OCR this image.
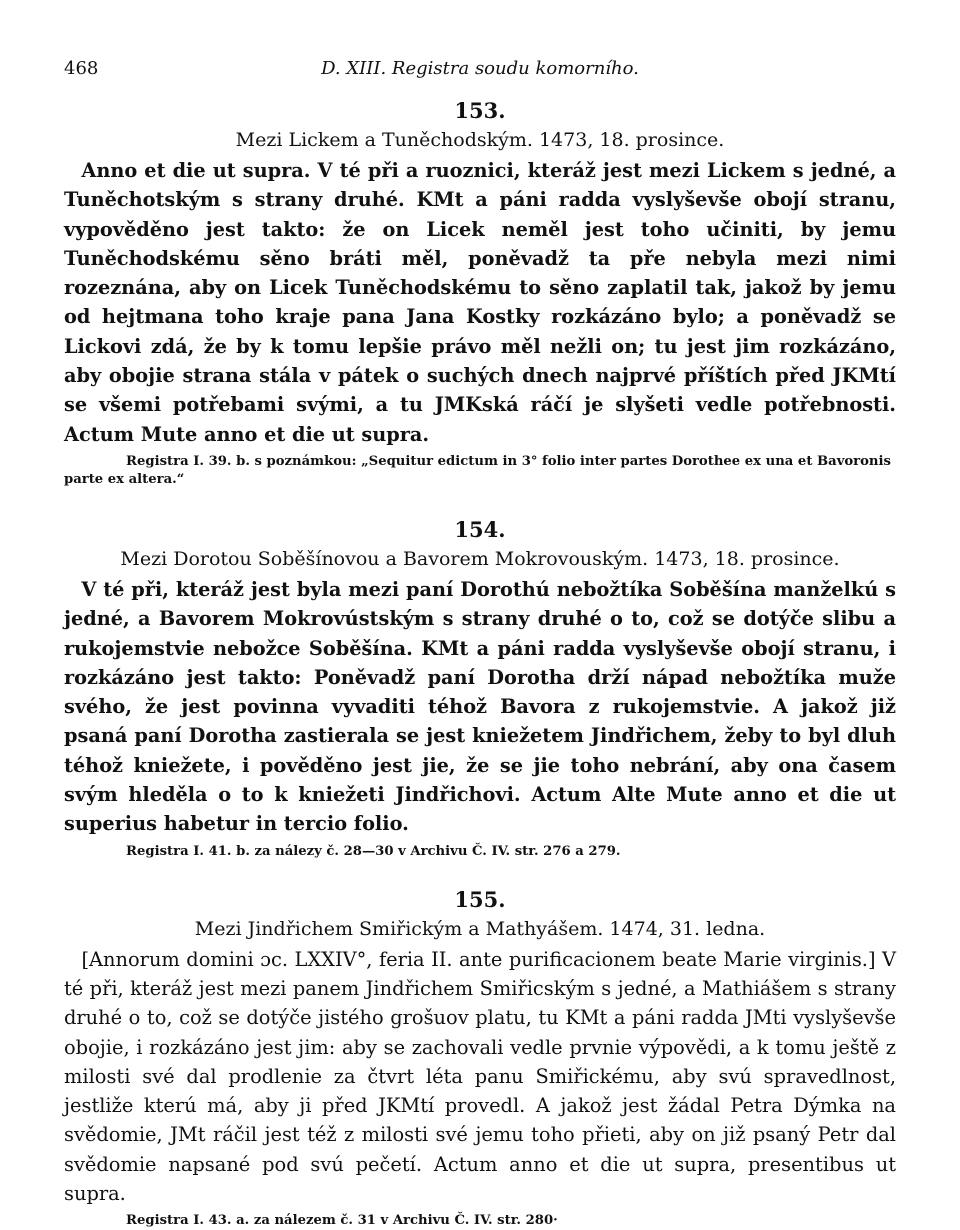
468	D. XIII. Registra soudu komorního.
153.
Mezi Lickem a Tuněchodským. 1473, 18. prosince.

Anno et die ut supra. V té při a ruoznici, kteráž jest mezi Lickem s jedné, a Tuněchotským s strany druhé. KMt a páni radda vyslyševše obojí stranu, vypověděno jest takto: že on Licek neměl jest toho učiniti, by jemu Tuněchodskému sěno bráti měl, poněvadž ta pře nebyla mezi nimi rozeznána, aby on Licek Tuněchodskému to sěno zaplatil tak, jakož by jemu od hejtmana toho kraje pana Jana Kostky rozkázáno bylo; a poněvadž se Lickovi zdá, že by k tomu lepšie právo měl nežli on; tu jest jim rozkázáno, aby obojie strana stála v pátek o suchých dnech najprvé příštích před JKMtí se všemi potřebami svými, a tu JMKská ráčí je slyšeti vedle potřebnosti. Actum Mute anno et die ut supra.

Registra I. 39. b. s poznámkou: „Sequitur edictum in 3° folio inter partes Dorothee ex una et Bavoronis parte ex altera.“

154.
Mezi Dorotou Soběšínovou a Bavorem Mokrovouským. 1473, 18. prosince.

V té při, kteráž jest byla mezi paní Dorothú nebožtíka Soběšína manželkú s jedné, a Bavorem Mokrovústským s strany druhé o to, což se dotýče slibu a rukojemstvie nebožce Soběšína. KMt a páni radda vyslyševše obojí stranu, i rozkázáno jest takto: Poněvadž paní Dorotha drží nápad nebožtíka muže svého, že jest povinna vyvaditi téhož Bavora z rukojemstvie. A jakož již psaná paní Dorotha zastierala se jest kniežetem Jindřichem, žeby to byl dluh téhož kniežete, i pověděno jest jie, že se jie toho nebrání, aby ona časem svým hleděla o to k kniežeti Jindřichovi. Actum Alte Mute anno et die ut superius habetur in tercio folio.

Registra I. 41. b. za nálezy č. 28—30 v Archivu Č. IV. str. 276 a 279.

155.
Mezi Jindřichem Smiřickým a Mathyášem. 1474, 31. ledna.

[Annorum domini ɔc. LXXIV°, feria II. ante purificacionem beate Marie virginis.] V té při, kteráž jest mezi panem Jindřichem Smiřicským s jedné, a Mathiášem s strany druhé o to, což se dotýče jistého grošuov platu, tu KMt a páni radda JMti vyslyševše obojie, i rozkázáno jest jim: aby se zachovali vedle prvnie výpovědi, a k tomu ještě z milosti své dal prodlenie za čtvrt léta panu Smiřickému, aby svú spravedlnost, jestliže kterú má, aby ji před JKMtí provedl. A jakož jest žádal Petra Dýmka na svědomie, JMt ráčil jest též z milosti své jemu toho přieti, aby on již psaný Petr dal svědomie napsané pod svú pečetí. Actum anno et die ut supra, presentibus ut supra.

Registra I. 43. a. za nálezem č. 31 v Archivu Č. IV. str. 280·
